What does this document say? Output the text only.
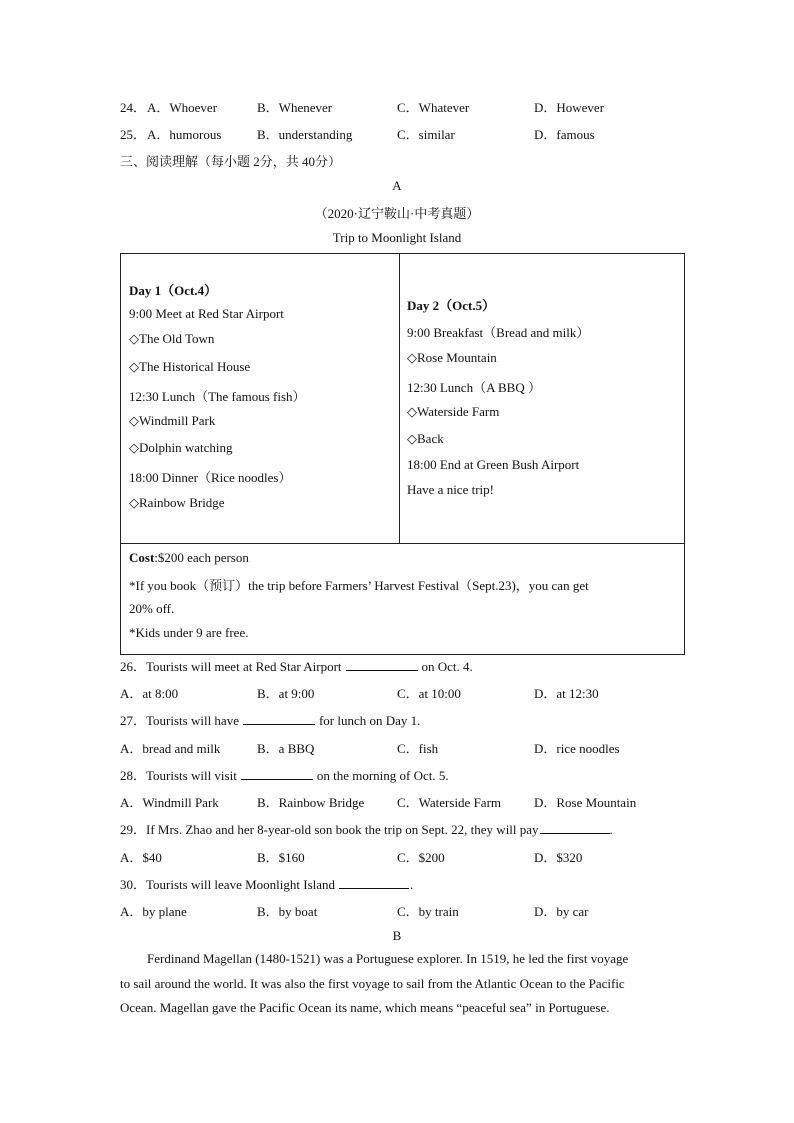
24． A．Whoever	B．Whenever	C．Whatever	D．However
25． A．humorous	B．understanding	C．similar	D．famous
三、阅读理解（每小题 2分，共 40分）
A
（2020·辽宁鞍山·中考真题）
Trip to Moonlight Island
Day 1（Oct.4）
9:00 Meet at Red Star Airport
◇The Old Town
◇The Historical House
12:30 Lunch（The famous fish）
◇Windmill Park
◇Dolphin watching
18:00 Dinner（Rice noodles）
◇Rainbow Bridge

Day 2（Oct.5）
9:00 Breakfast（Bread and milk）
◇Rose Mountain
12:30 Lunch（A BBQ ）
◇Waterside Farm
◇Back
18:00 End at Green Bush Airport
Have a nice trip!

Cost:$200 each person
*If you book（预订）the trip before Farmers’ Harvest Festival（Sept.23)，you can get
20% off.
*Kids under 9 are free.
26．Tourists will meet at Red Star Airport	on Oct. 4.
A．at 8:00	B．at 9:00	C．at 10:00	D．at 12:30
27．Tourists will have	for lunch on Day 1.
A．bread and milk	B．a BBQ	C．fish	D．rice noodles
28．Tourists will visit	on the morning of Oct. 5.
A．Windmill Park	B．Rainbow Bridge	C．Waterside Farm	D．Rose Mountain
29．If Mrs. Zhao and her 8-year-old son book the trip on Sept. 22, they will pay	.
A．$40	B．$160	C．$200	D．$320
30．Tourists will leave Moonlight Island	.
A．by plane	B．by boat	C．by train	D．by car
B
Ferdinand Magellan (1480-1521) was a Portuguese explorer. In 1519, he led the first voyage
to sail around the world. It was also the first voyage to sail from the Atlantic Ocean to the Pacific
Ocean. Magellan gave the Pacific Ocean its name, which means “peaceful sea” in Portuguese.
